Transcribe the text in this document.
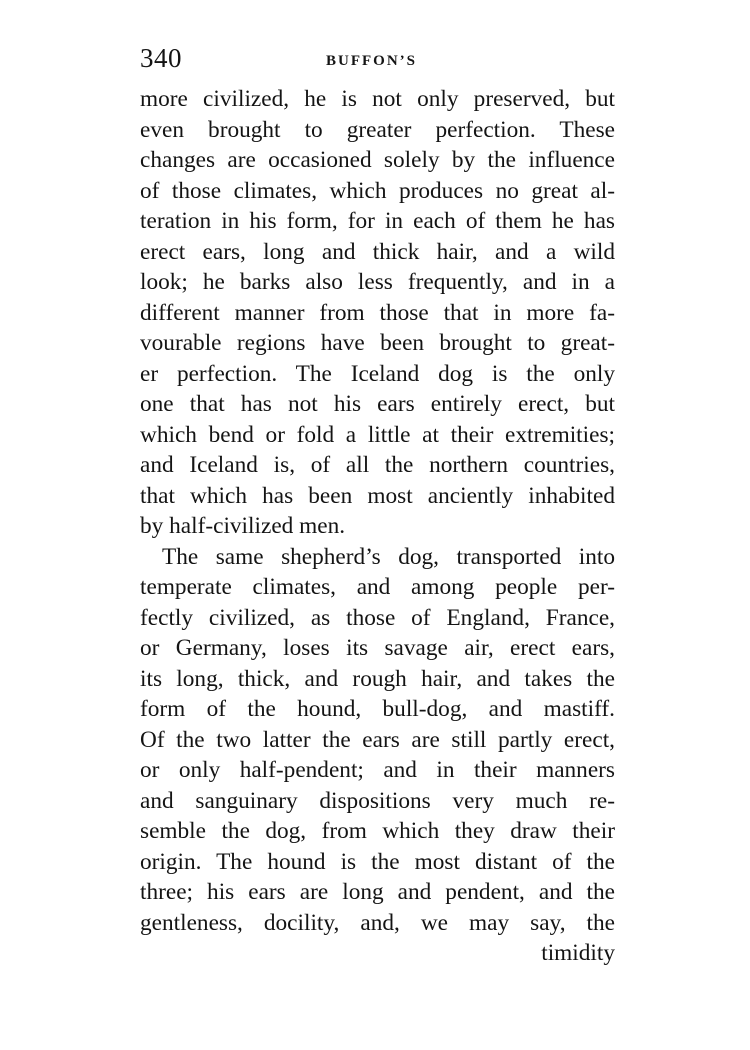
340	BUFFON’S
more civilized, he is not only preserved, but
even brought to greater perfection. These
changes are occasioned solely by the influence
of those climates, which produces no great al-
teration in his form, for in each of them he has
erect ears, long and thick hair, and a wild
look; he barks also less frequently, and in a
different manner from those that in more fa-
vourable regions have been brought to great-
er perfection. The Iceland dog is the only
one that has not his ears entirely erect, but
which bend or fold a little at their extremities;
and Iceland is, of all the northern countries,
that which has been most anciently inhabited
by half-civilized men.
The same shepherd’s dog, transported into
temperate climates, and among people per-
fectly civilized, as those of England, France,
or Germany, loses its savage air, erect ears,
its long, thick, and rough hair, and takes the
form of the hound, bull-dog, and mastiff.
Of the two latter the ears are still partly erect,
or only half-pendent; and in their manners
and sanguinary dispositions very much re-
semble the dog, from which they draw their
origin. The hound is the most distant of the
three; his ears are long and pendent, and the
gentleness, docility, and, we may say, the
timidity
